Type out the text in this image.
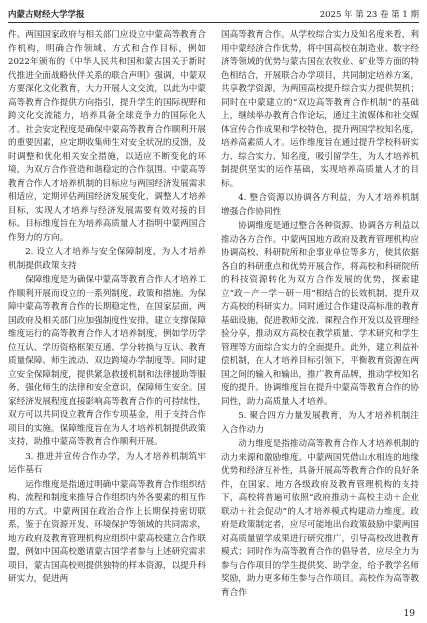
内蒙古财经大学学报	2025 年 第 23 卷 第 1 期

件。两国国家政府与相关部门应设立中蒙高等教育合作机构，明确合作领域、方式和合作目标，例如2022年颁布的《中华人民共和国和蒙古国关于新时代推进全面战略伙伴关系的联合声明》强调，中蒙双方要深化文化教育，大力开展人文交流，以此为中蒙高等教育合作提供方向指引，提升学生的国际视野和跨文化交流能力，培养具备全球竞争力的国际化人才。社会安定程度是确保中蒙高等教育合作顺利开展的重要因素，应定期收集师生对安全状况的反馈，及时调整和优化相关安全措施，以适应不断变化的环境，为双方合作营造和谐稳定的合作氛围。中蒙高等教育合作人才培养机制的目标应与两国经济发展需求相适应，定期评估两国经济发展变化，调整人才培养目标，实现人才培养与经济发展需要有效对接的目标。目标维度旨在为培养高质量人才指明中蒙两国合作努力的方向。

2. 设立人才培养与安全保障制度，为人才培养机制提供政策支持

保障维度是为确保中蒙高等教育合作人才培养工作顺利开展而设立的一系列制度、政策和措施。为保障中蒙高等教育合作的长期稳定性，在国家层面，两国政府及相关部门应加强制度性安排，建立支撑保障维度运行的高等教育合作人才培养制度，例如学历学位互认、学历资格框架互通、学分转换与互认、教育质量保障、师生流动、双边跨境办学制度等。同时建立安全保障制度，提供紧急救援机制和法律援助等服务，强化师生的法律和安全意识，保障师生安全。国家经济发展程度直接影响高等教育合作的可持续性，双方可以共同设立教育合作专项基金，用于支持合作项目的实施。保障维度旨在为人才培养机制提供政策支持，助推中蒙高等教育合作顺利开展。

3. 推进并宣传合作办学，为人才培养机制筑牢运作基石

运作维度是指通过明确中蒙高等教育合作组织结构、流程和制度来推导合作组织内外各要素的相互作用的方式。中蒙两国在政治合作上长期保持密切联系，鉴于在资源开发、环境保护等领域的共同需求，地方政府及教育管理机构应组织中蒙高校建立合作联盟，例如中国高校邀请蒙古国学者参与上述研究需求项目，蒙古国高校则提供独特的样本资源，以提升科研实力，促进两

国高等教育合作。从学校综合实力及知名度来看，利用中蒙经济合作优势，将中国高校在制造业、数字经济等领域的优势与蒙古国在农牧业、矿业等方面的特色相结合，开展联合办学项目，共同制定培养方案，共享教学资源，为两国高校提升综合实力提供契机；同时在中蒙建立的“双边高等教育合作机制”的基础上，继续举办教育合作论坛，通过主流媒体和社交媒体宣传合作成果和学校特色，提升两国学校知名度，培养高素质人才。运作维度旨在通过提升学校科研实力、综合实力、知名度，吸引留学生，为人才培养机制提供坚实的运作基础，实现培养高质量人才的目标。

4. 整合资源以协调各方利益，为人才培养机制增强合作协同性

协调维度是通过整合各种资源、协调各方利益以推动各方合作。中蒙两国地方政府及教育管理机构应协调高校、科研院所和企事业单位等多方，使其依据各自的科研重点和优势开展合作，将高校和科研院所的科技资源转化为双方合作发展的优势，探索建立“政－产－学－研－用”相结合的长效机制，提升双方高校的科研实力。同时通过合作建设高标准的教育基础设施，促进教师交流、课程合作开发以及管理经验分享，推动双方高校在教学质量、学术研究和学生管理等方面综合实力的全面提升。此外，建立利益补偿机制，在人才培养目标引领下，平衡教育资源在两国之间的输入和输出，推广教育品牌，推动学校知名度的提升。协调维度旨在提升中蒙高等教育合作的协同性，助力高质量人才培养。

5. 聚合四方力量发展教育，为人才培养机制注入合作动力

动力维度是指推动高等教育合作人才培养机制的动力来源和激励维度。中蒙两国凭借山水相连的地缘优势和经济互补性，具备开展高等教育合作的良好条件，在国家、地方各级政府及教育管理机构的支持下，高校将普遍可依照“政府推动＋高校主动＋企业联动＋社会促动”的人才培养模式构建动力维度。政府是政策制定者，应尽可能地出台政策鼓励中蒙两国对高质量留学成果进行研究推广，引导高校改进教育模式；同时作为高等教育合作的倡导者，应尽全力为参与合作项目的学生提供奖、助学金，给予教学名师奖励，助力更多师生参与合作项目。高校作为高等教育合作

19
